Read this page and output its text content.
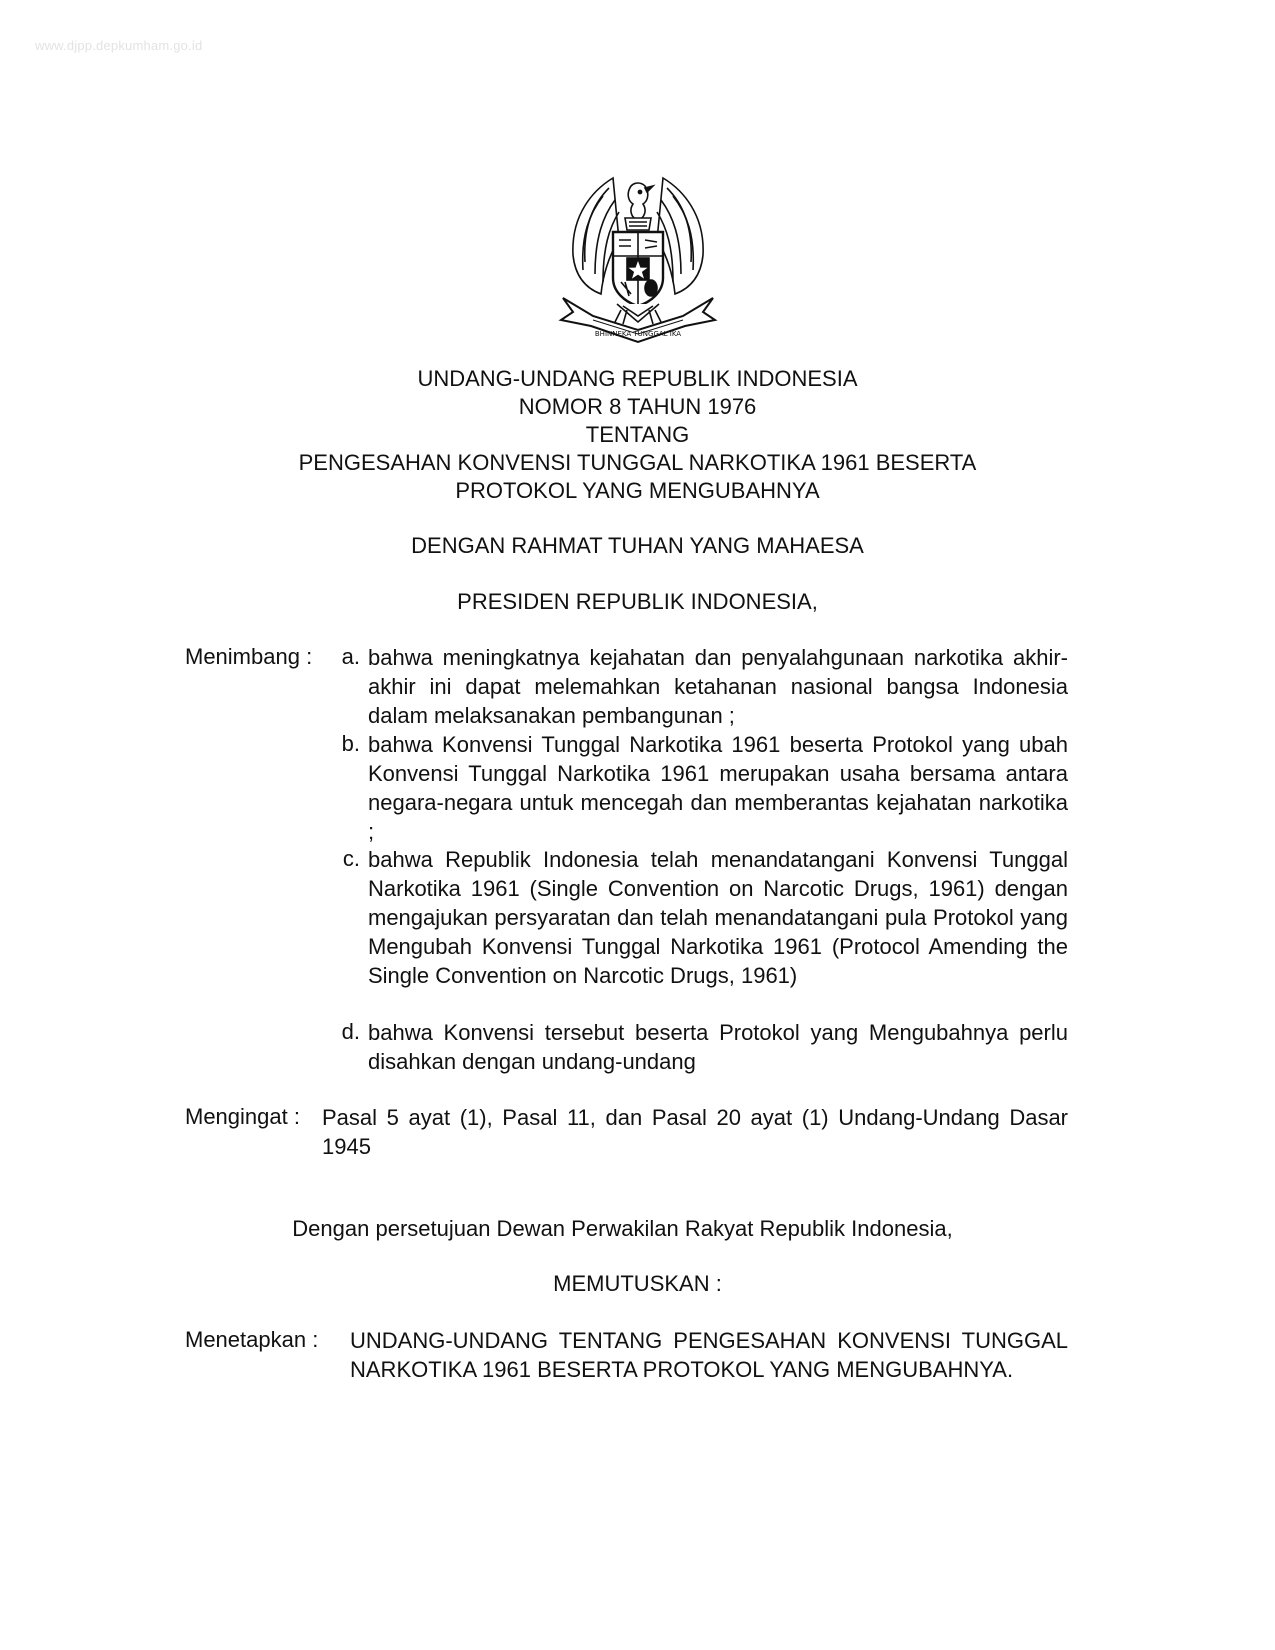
www.djpp.depkumham.go.id
BHINNEKA TUNGGAL IKA
UNDANG-UNDANG REPUBLIK INDONESIA
NOMOR 8 TAHUN 1976
TENTANG
PENGESAHAN KONVENSI TUNGGAL NARKOTIKA 1961 BESERTA
PROTOKOL YANG MENGUBAHNYA
DENGAN RAHMAT TUHAN YANG MAHAESA
PRESIDEN REPUBLIK INDONESIA,
Menimbang :	a. bahwa meningkatnya kejahatan dan penyalahgunaan narkotika akhir-akhir ini dapat melemahkan ketahanan nasional bangsa Indonesia dalam melaksanakan pembangunan ;
b. bahwa Konvensi Tunggal Narkotika 1961 beserta Protokol yang ubah Konvensi Tunggal Narkotika 1961 merupakan usaha bersama antara negara-negara untuk mencegah dan memberantas kejahatan narkotika ;
c. bahwa Republik Indonesia telah menandatangani Konvensi Tunggal Narkotika 1961 (Single Convention on Narcotic Drugs, 1961) dengan mengajukan persyaratan dan telah menandatangani pula Protokol yang Mengubah Konvensi Tunggal Narkotika 1961 (Protocol Amending the Single Convention on Narcotic Drugs, 1961)
d. bahwa Konvensi tersebut beserta Protokol yang Mengubahnya perlu disahkan dengan undang-undang
Mengingat : Pasal 5 ayat (1), Pasal 11, dan Pasal 20 ayat (1) Undang-Undang Dasar 1945
Dengan persetujuan Dewan Perwakilan Rakyat Republik Indonesia,
MEMUTUSKAN :
Menetapkan : UNDANG-UNDANG TENTANG PENGESAHAN KONVENSI TUNGGAL NARKOTIKA 1961 BESERTA PROTOKOL YANG MENGUBAHNYA.
